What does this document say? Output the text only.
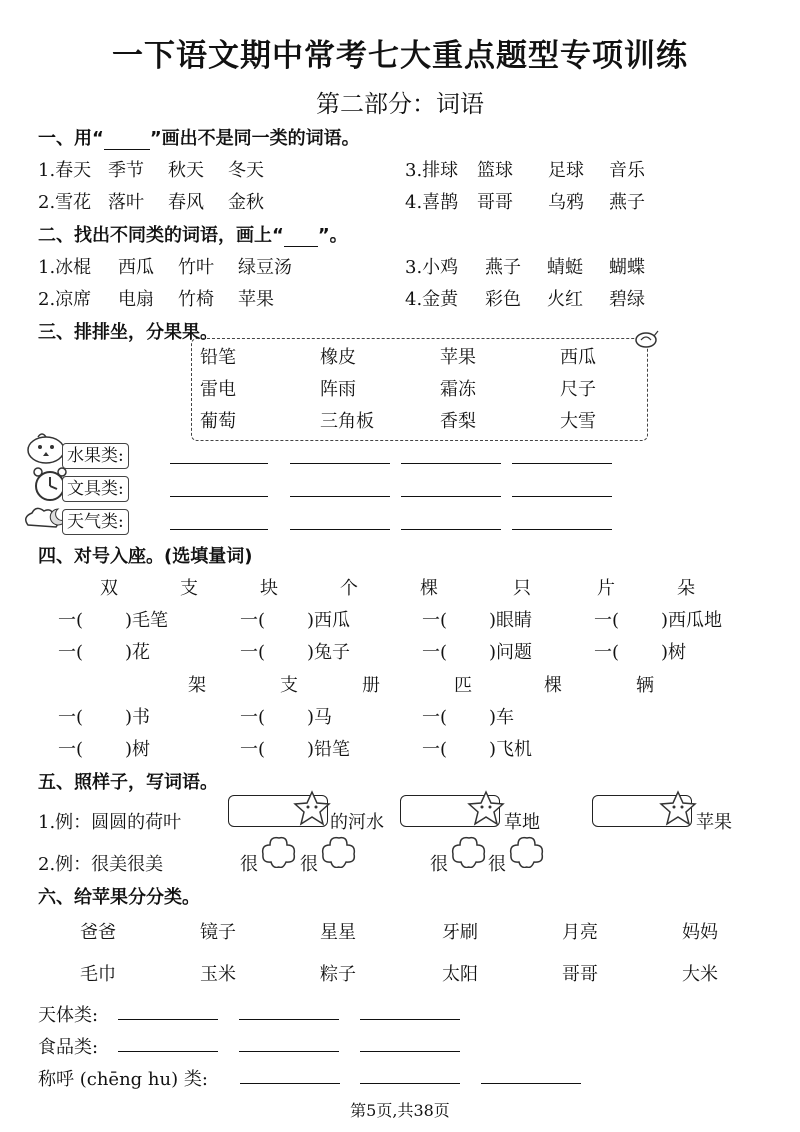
一下语文期中常考七大重点题型专项训练
第二部分：词语
一、用“	”画出不是同一类的词语。
1.春天 季节 秋天 冬天	3.排球 篮球 足球 音乐
2.雪花 落叶 春风 金秋	4.喜鹊 哥哥 乌鸦 燕子
二、找出不同类的词语，画上“ ”。
1.冰棍 西瓜 竹叶 绿豆汤	3.小鸡 燕子 蜻蜓 蝴蝶
2.凉席 电扇 竹椅 苹果	4.金黄 彩色 火红 碧绿
三、排排坐，分果果。
铅笔	橡皮	苹果	西瓜
雷电	阵雨	霜冻	尺子
葡萄	三角板	香梨	大雪
水果类:
文具类:
天气类:
四、对号入座。(选填量词)
双	支	块	个	棵	只	片	朵
一( )毛笔	一( )西瓜	一( )眼睛	一( )西瓜地
一( )花	一( )兔子	一( )问题	一( )树
架	支	册	匹	棵	辆
一( )书	一( )马	一( )车
一( )树	一( )铅笔	一( )飞机
五、照样子，写词语。
1.例：圆圆的荷叶	的河水	草地	苹果
2.例：很美很美	很 很	很 很
六、给苹果分分类。
爸爸	镜子	星星	牙刷	月亮	妈妈
毛巾	玉米	粽子	太阳	哥哥	大米
天体类:
食品类:
称呼 (chēng hu) 类:
第5页,共38页
